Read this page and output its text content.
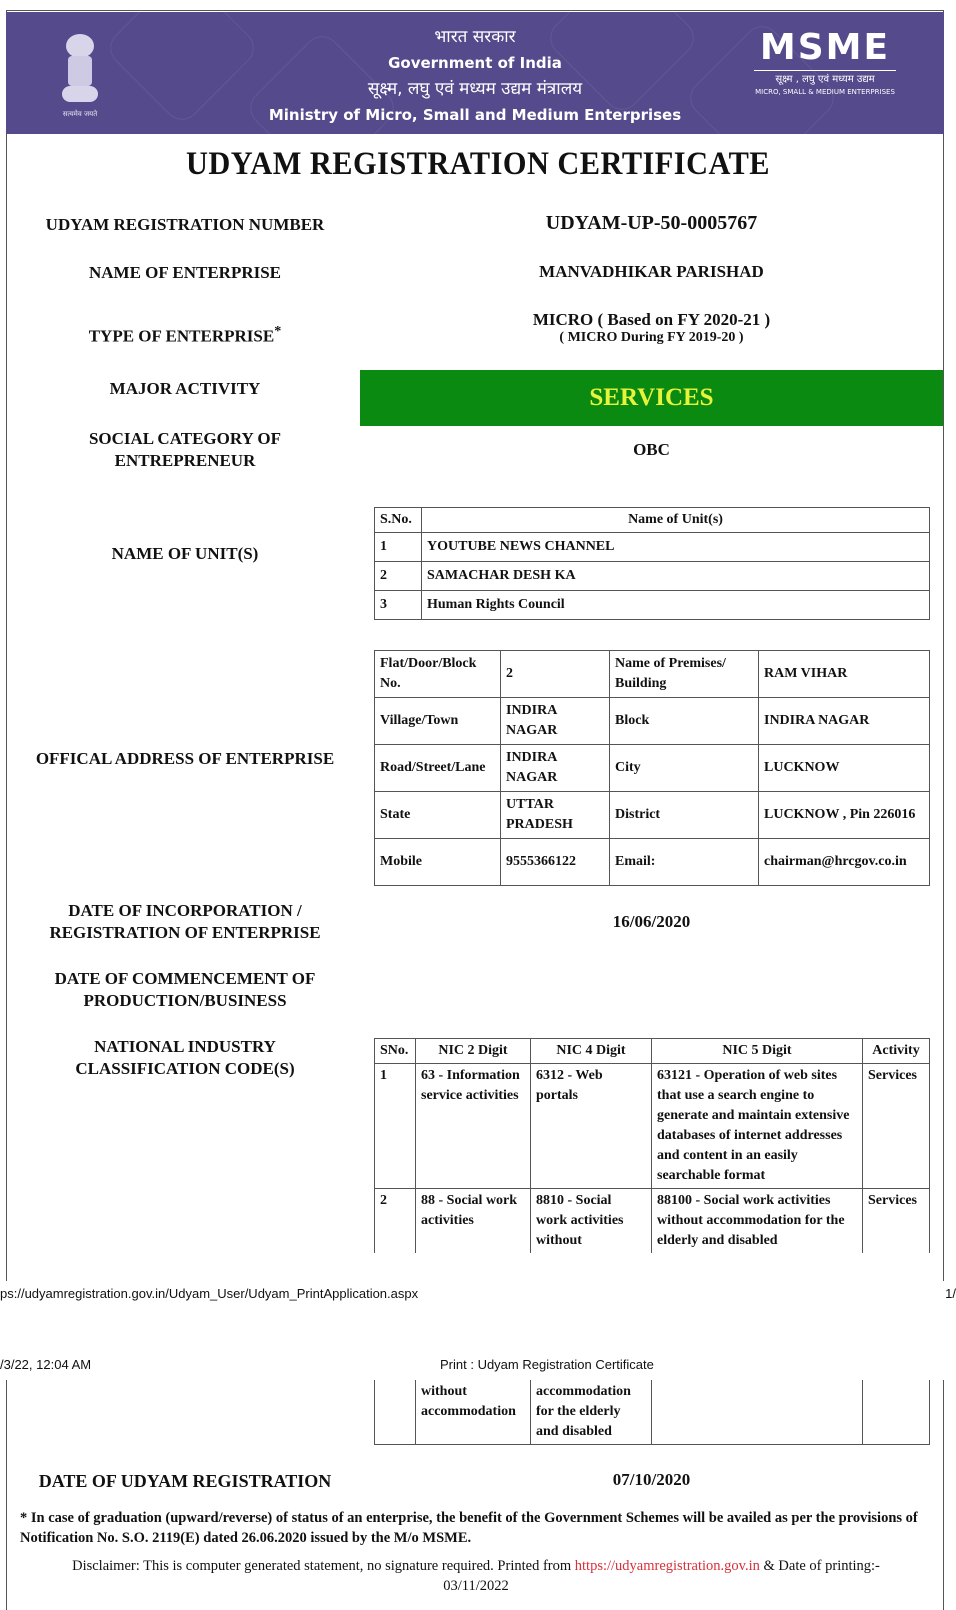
सत्यमेव जयते
भारत सरकार
Government of India
सूक्ष्म, लघु एवं मध्यम उद्यम मंत्रालय
Ministry of Micro, Small and Medium Enterprises
MSME
सूक्ष्म , लघु एवं मध्यम उद्यम
MICRO, SMALL & MEDIUM ENTERPRISES
UDYAM REGISTRATION CERTIFICATE
UDYAM REGISTRATION NUMBER	UDYAM-UP-50-0005767
NAME OF ENTERPRISE	MANVADHIKAR PARISHAD
TYPE OF ENTERPRISE*
MICRO ( Based on FY 2020-21 )
( MICRO During FY 2019-20 )
MAJOR ACTIVITY	SERVICES
SOCIAL CATEGORY OF
ENTREPRENEUR
OBC
NAME OF UNIT(S)
S.No.	Name of Unit(s)
1	YOUTUBE NEWS CHANNEL
2	SAMACHAR DESH KA
3	Human Rights Council
OFFICAL ADDRESS OF ENTERPRISE
Flat/Door/Block No.	2	Name of Premises/ Building	RAM VIHAR
Village/Town	INDIRA NAGAR	Block	INDIRA NAGAR
Road/Street/Lane	INDIRA NAGAR	City	LUCKNOW
State	UTTAR PRADESH	District	LUCKNOW , Pin 226016
Mobile	9555366122	Email:	chairman@hrcgov.co.in
DATE OF INCORPORATION /
REGISTRATION OF ENTERPRISE
16/06/2020
DATE OF COMMENCEMENT OF
PRODUCTION/BUSINESS
NATIONAL INDUSTRY
CLASSIFICATION CODE(S)
SNo.	NIC 2 Digit	NIC 4 Digit	NIC 5 Digit	Activity
1	63 - Information service activities	6312 - Web portals	63121 - Operation of web sites that use a search engine to generate and maintain extensive databases of internet addresses and content in an easily searchable format	Services
2	88 - Social work activities	8810 - Social work activities without	88100 - Social work activities without accommodation for the elderly and disabled	Services
ps://udyamregistration.gov.in/Udyam_User/Udyam_PrintApplication.aspx	1/
/3/22, 12:04 AM	Print : Udyam Registration Certificate
	without accommodation	accommodation for the elderly and disabled		
DATE OF UDYAM REGISTRATION	07/10/2020
* In case of graduation (upward/reverse) of status of an enterprise, the benefit of the Government Schemes will be availed as per the provisions of Notification No. S.O. 2119(E) dated 26.06.2020 issued by the M/o MSME.
Disclaimer: This is computer generated statement, no signature required. Printed from https://udyamregistration.gov.in & Date of printing:-
03/11/2022
